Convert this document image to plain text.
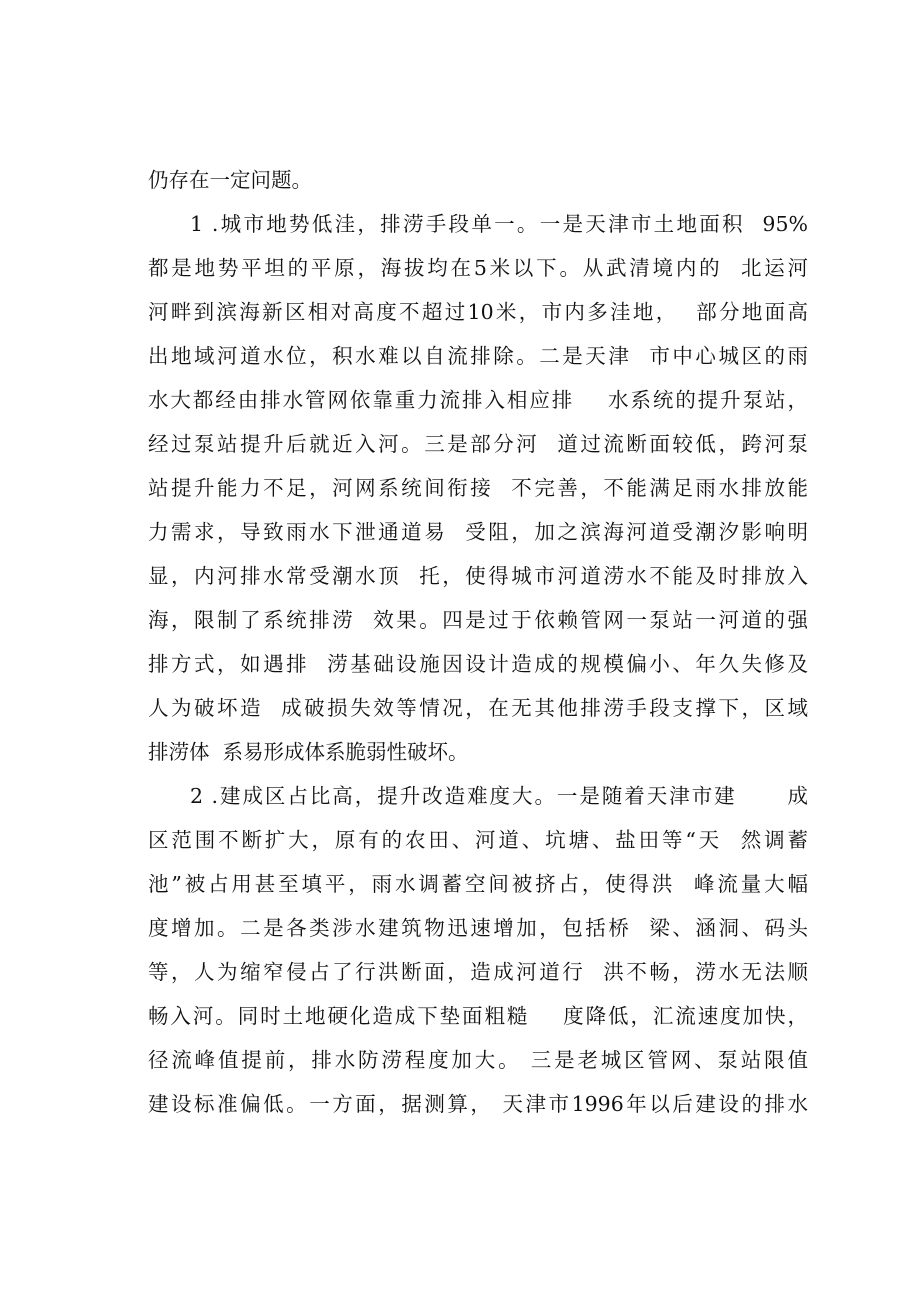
仍存在一定问题。
1 .城市地势低洼，排涝手段单一。一是天津市土地面积  95%
都是地势平坦的平原，海拔均在5米以下。从武清境内的  北运河
河畔到滨海新区相对高度不超过10米，市内多洼地，  部分地面高
出地域河道水位，积水难以自流排除。二是天津  市中心城区的雨
水大都经由排水管网依靠重力流排入相应排    水系统的提升泵站，
经过泵站提升后就近入河。三是部分河  道过流断面较低，跨河泵
站提升能力不足，河网系统间衔接  不完善，不能满足雨水排放能
力需求，导致雨水下泄通道易  受阻，加之滨海河道受潮汐影响明
显，内河排水常受潮水顶  托，使得城市河道涝水不能及时排放入
海，限制了系统排涝  效果。四是过于依赖管网一泵站一河道的强
排方式，如遇排  涝基础设施因设计造成的规模偏小、年久失修及
人为破坏造  成破损失效等情况，在无其他排涝手段支撑下，区域
排涝体  系易形成体系脆弱性破坏。
2 .建成区占比高，提升改造难度大。一是随着天津市建      成
区范围不断扩大，原有的农田、河道、坑塘、盐田等“天  然调蓄
池”被占用甚至填平，雨水调蓄空间被挤占，使得洪  峰流量大幅
度增加。二是各类涉水建筑物迅速增加，包括桥  梁、涵洞、码头
等，人为缩窄侵占了行洪断面，造成河道行  洪不畅，涝水无法顺
畅入河。同时土地硬化造成下垫面粗糙    度降低，汇流速度加快，
径流峰值提前，排水防涝程度加大。 三是老城区管网、泵站限值
建设标准偏低。一方面，据测算， 天津市1996年以后建设的排水
